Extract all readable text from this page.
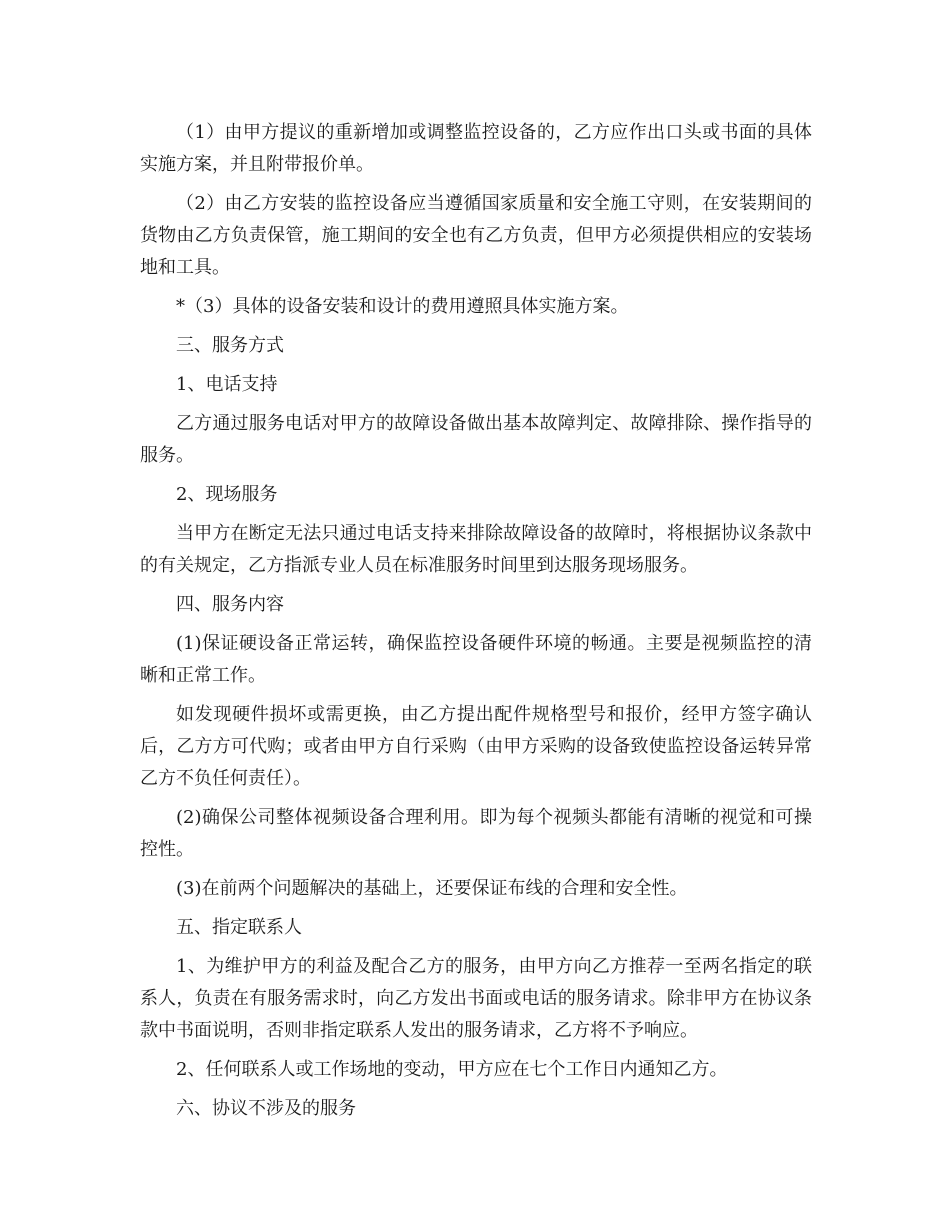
（1）由甲方提议的重新增加或调整监控设备的，乙方应作出口头或书面的具体实施方案，并且附带报价单。

（2）由乙方安装的监控设备应当遵循国家质量和安全施工守则，在安装期间的货物由乙方负责保管，施工期间的安全也有乙方负责，但甲方必须提供相应的安装场地和工具。

*（3）具体的设备安装和设计的费用遵照具体实施方案。

三、服务方式

1、电话支持

乙方通过服务电话对甲方的故障设备做出基本故障判定、故障排除、操作指导的服务。

2、现场服务

当甲方在断定无法只通过电话支持来排除故障设备的故障时，将根据协议条款中的有关规定，乙方指派专业人员在标准服务时间里到达服务现场服务。

四、服务内容

(1)保证硬设备正常运转，确保监控设备硬件环境的畅通。主要是视频监控的清晰和正常工作。

如发现硬件损坏或需更换，由乙方提出配件规格型号和报价，经甲方签字确认后，乙方方可代购；或者由甲方自行采购（由甲方采购的设备致使监控设备运转异常乙方不负任何责任）。

(2)确保公司整体视频设备合理利用。即为每个视频头都能有清晰的视觉和可操控性。

(3)在前两个问题解决的基础上，还要保证布线的合理和安全性。

五、指定联系人

1、为维护甲方的利益及配合乙方的服务，由甲方向乙方推荐一至两名指定的联系人，负责在有服务需求时，向乙方发出书面或电话的服务请求。除非甲方在协议条款中书面说明，否则非指定联系人发出的服务请求，乙方将不予响应。

2、任何联系人或工作场地的变动，甲方应在七个工作日内通知乙方。

六、协议不涉及的服务
